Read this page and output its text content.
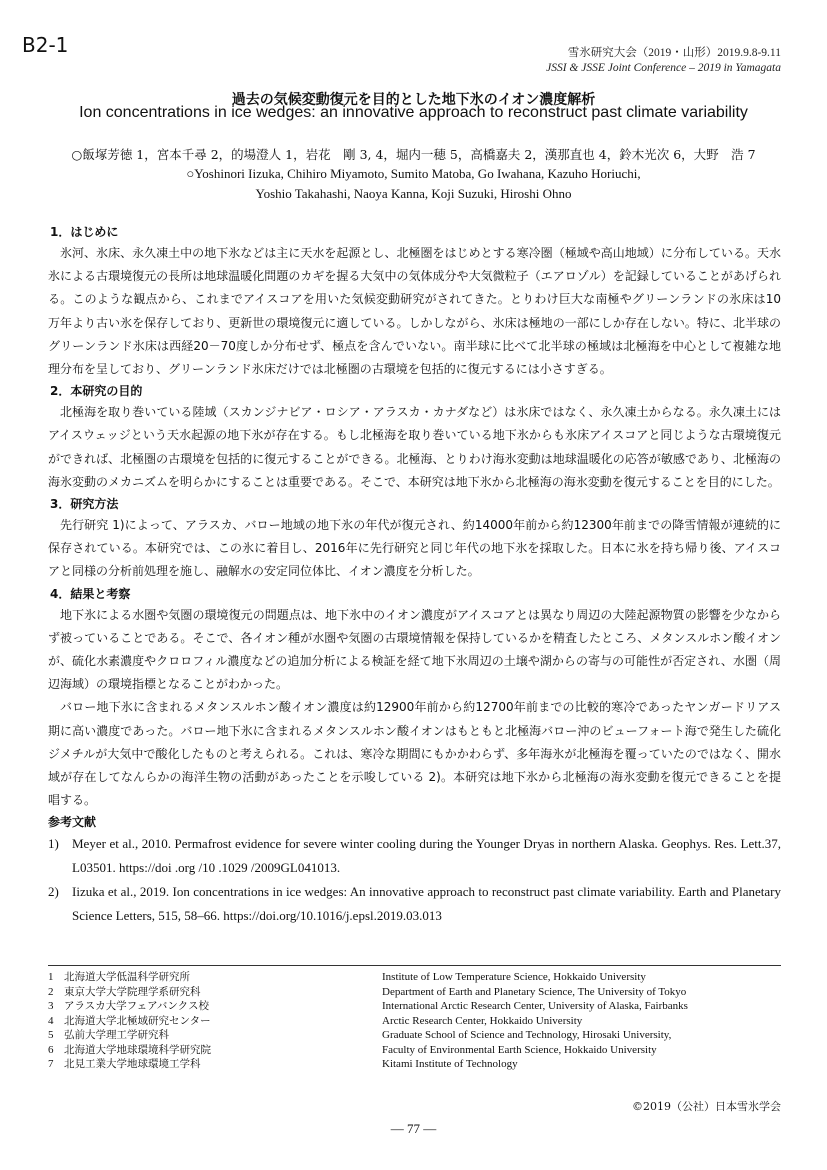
B2-1	雪氷研究大会（2019・山形）2019.9.8-9.11
JSSI & JSSE Joint Conference – 2019 in Yamagata
過去の気候変動復元を目的とした地下氷のイオン濃度解析
Ion concentrations in ice wedges: an innovative approach to reconstruct past climate variability
○飯塚芳徳 1，宮本千尋 2，的場澄人 1，岩花　剛 3, 4，堀内一穂 5，高橋嘉夫 2，漢那直也 4，鈴木光次 6，大野　浩 7
○Yoshinori Iizuka, Chihiro Miyamoto, Sumito Matoba, Go Iwahana, Kazuho Horiuchi,
Yoshio Takahashi, Naoya Kanna, Koji Suzuki, Hiroshi Ohno

1．はじめに

氷河、氷床、永久凍土中の地下氷などは主に天水を起源とし、北極圏をはじめとする寒冷圏（極域や高山地域）に分布している。天水氷による古環境復元の長所は地球温暖化問題のカギを握る大気中の気体成分や大気微粒子（エアロゾル）を記録していることがあげられる。このような観点から、これまでアイスコアを用いた気候変動研究がされてきた。とりわけ巨大な南極やグリーンランドの氷床は10万年より古い氷を保存しており、更新世の環境復元に適している。しかしながら、氷床は極地の一部にしか存在しない。特に、北半球のグリーンランド氷床は西経20－70度しか分布せず、極点を含んでいない。南半球に比べて北半球の極域は北極海を中心として複雑な地理分布を呈しており、グリーンランド氷床だけでは北極圏の古環境を包括的に復元するには小さすぎる。

2．本研究の目的

北極海を取り巻いている陸域（スカンジナビア・ロシア・アラスカ・カナダなど）は氷床ではなく、永久凍土からなる。永久凍土にはアイスウェッジという天水起源の地下氷が存在する。もし北極海を取り巻いている地下氷からも氷床アイスコアと同じような古環境復元ができれば、北極圏の古環境を包括的に復元することができる。北極海、とりわけ海氷変動は地球温暖化の応答が敏感であり、北極海の海氷変動のメカニズムを明らかにすることは重要である。そこで、本研究は地下氷から北極海の海氷変動を復元することを目的にした。

3．研究方法

先行研究 1)によって、アラスカ、バロー地域の地下氷の年代が復元され、約14000年前から約12300年前までの降雪情報が連続的に保存されている。本研究では、この氷に着目し、2016年に先行研究と同じ年代の地下氷を採取した。日本に氷を持ち帰り後、アイスコアと同様の分析前処理を施し、融解水の安定同位体比、イオン濃度を分析した。

4．結果と考察

地下氷による水圏や気圏の環境復元の問題点は、地下氷中のイオン濃度がアイスコアとは異なり周辺の大陸起源物質の影響を少なからず被っていることである。そこで、各イオン種が水圏や気圏の古環境情報を保持しているかを精査したところ、メタンスルホン酸イオンが、硫化水素濃度やクロロフィル濃度などの追加分析による検証を経て地下氷周辺の土壌や湖からの寄与の可能性が否定され、水圏（周辺海域）の環境指標となることがわかった。

バロー地下氷に含まれるメタンスルホン酸イオン濃度は約12900年前から約12700年前までの比較的寒冷であったヤンガードリアス期に高い濃度であった。バロー地下氷に含まれるメタンスルホン酸イオンはもともと北極海バロー沖のビューフォート海で発生した硫化ジメチルが大気中で酸化したものと考えられる。これは、寒冷な期間にもかかわらず、多年海氷が北極海を覆っていたのではなく、開水域が存在してなんらかの海洋生物の活動があったことを示唆している 2)。本研究は地下氷から北極海の海氷変動を復元できることを提唱する。

参考文献

1)	Meyer et al., 2010. Permafrost evidence for severe winter cooling during the Younger Dryas in northern Alaska. Geophys. Res. Lett.37, L03501. https://doi .org /10 .1029 /2009GL041013.
2)	Iizuka et al., 2019. Ion concentrations in ice wedges: An innovative approach to reconstruct past climate variability. Earth and Planetary Science Letters, 515, 58–66. https://doi.org/10.1016/j.epsl.2019.03.013
1	北海道大学低温科学研究所	Institute of Low Temperature Science, Hokkaido University
2	東京大学大学院理学系研究科	Department of Earth and Planetary Science, The University of Tokyo
3	アラスカ大学フェアバンクス校	International Arctic Research Center, University of Alaska, Fairbanks
4	北海道大学北極域研究センター	Arctic Research Center, Hokkaido University
5	弘前大学理工学研究科	Graduate School of Science and Technology, Hirosaki University,
6	北海道大学地球環境科学研究院	Faculty of Environmental Earth Science, Hokkaido University
7	北見工業大学地球環境工学科	Kitami Institute of Technology
©2019（公社）日本雪氷学会
— 77 —
